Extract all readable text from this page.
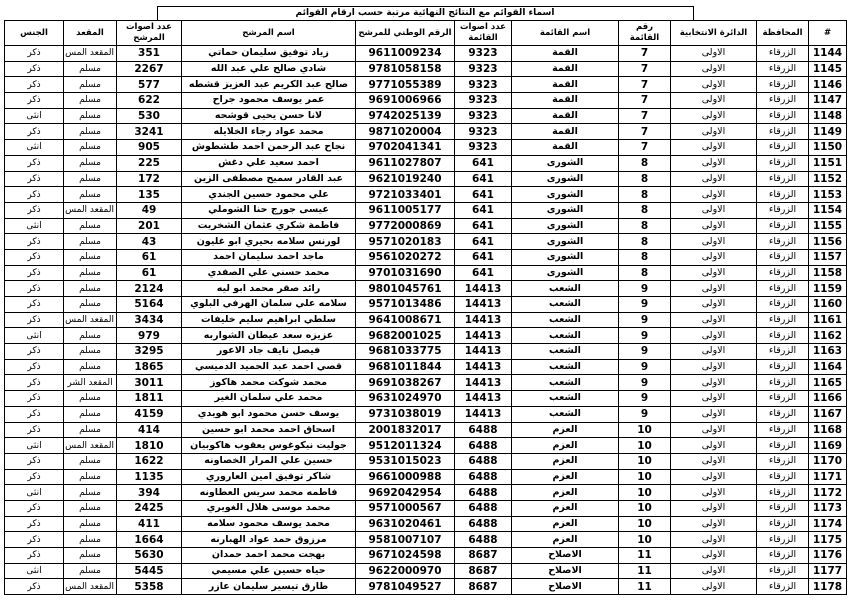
اسماء القوائم مع النتائج النهائية مرتبة حسب ارقام القوائم
#	المحافظة	الدائرة الانتخابية	رقم القائمة	اسم القائمة	عدد اصوات القائمة	الرقم الوطني للمرشح	اسم المرشح	عدد اصوات المرشح	المقعد	الجنس
1144	الزرقاء	الاولى	7	القمة	9323	9611009234	زياد توفيق سليمان حماتي	351	المقعد المس	ذكر
1145	الزرقاء	الاولى	7	القمة	9323	9781058158	شادي صالح علي عبد الله	2267	مسلم	ذكر
1146	الزرقاء	الاولى	7	القمة	9323	9771055389	صالح عبد الكريم عبد العزيز قشطه	577	مسلم	ذكر
1147	الزرقاء	الاولى	7	القمة	9323	9691006966	عمر يوسف محمود جراح	622	مسلم	ذكر
1148	الزرقاء	الاولى	7	القمة	9323	9742025139	لانا حسن يحيى قوشحه	530	مسلم	انثى
1149	الزرقاء	الاولى	7	القمة	9323	9871020004	محمد عواد رجاء الخلايله	3241	مسلم	ذكر
1150	الزرقاء	الاولى	7	القمة	9323	9702041341	نجاح عبد الرحمن احمد طشطوش	905	مسلم	انثى
1151	الزرقاء	الاولى	8	الشورى	641	9611027807	احمد سعيد علي دغش	225	مسلم	ذكر
1152	الزرقاء	الاولى	8	الشورى	641	9621019240	عبد القادر سميح مصطفى الزين	172	مسلم	ذكر
1153	الزرقاء	الاولى	8	الشورى	641	9721033401	علي محمود حسين الجندي	135	مسلم	ذكر
1154	الزرقاء	الاولى	8	الشورى	641	9611005177	عيسى جورج حنا الشوملي	49	المقعد المس	ذكر
1155	الزرقاء	الاولى	8	الشورى	641	9772000869	فاطمة شكري عثمان الشخريت	201	مسلم	انثى
1156	الزرقاء	الاولى	8	الشورى	641	9571020183	لورنس سلامه بحيري ابو غليون	43	مسلم	ذكر
1157	الزرقاء	الاولى	8	الشورى	641	9561020272	ماجد احمد سليمان احمد	61	مسلم	ذكر
1158	الزرقاء	الاولى	8	الشورى	641	9701031690	محمد حسني علي الصفدي	61	مسلم	ذكر
1159	الزرقاء	الاولى	9	الشعب	14413	9801045761	رائد صقر محمد ابو ليه	2124	مسلم	ذكر
1160	الزرقاء	الاولى	9	الشعب	14413	9571013486	سلامه علي سلمان الهرفي البلوي	5164	مسلم	ذكر
1161	الزرقاء	الاولى	9	الشعب	14413	9641008671	سلطي ابراهيم سليم خليفات	3434	المقعد المس	ذكر
1162	الزرقاء	الاولى	9	الشعب	14413	9682001025	عزيزه سعد عيطان الشواربه	979	مسلم	انثى
1163	الزرقاء	الاولى	9	الشعب	14413	9681033775	فيصل نايف جاد الاعور	3295	مسلم	ذكر
1164	الزرقاء	الاولى	9	الشعب	14413	9681011844	قصي احمد عبد الحميد الدميسي	1865	مسلم	ذكر
1165	الزرقاء	الاولى	9	الشعب	14413	9691038267	محمد شوكت محمد هاكوز	3011	المقعد الشر	ذكر
1166	الزرقاء	الاولى	9	الشعب	14413	9631024970	محمد علي سلمان الغير	1811	مسلم	ذكر
1167	الزرقاء	الاولى	9	الشعب	14413	9731038019	يوسف حسن محمود ابو هويدي	4159	مسلم	ذكر
1168	الزرقاء	الاولى	10	العزم	6488	2001832017	اسحاق احمد محمد ابو حسين	414	مسلم	ذكر
1169	الزرقاء	الاولى	10	العزم	6488	9512011324	جوليت نيكوغوس يعقوب هاكوبيان	1810	المقعد المس	انثى
1170	الزرقاء	الاولى	10	العزم	6488	9531015023	حسين علي المرار الخصاونه	1622	مسلم	ذكر
1171	الزرقاء	الاولى	10	العزم	6488	9661000988	شاكر توفيق امين العاروري	1135	مسلم	ذكر
1172	الزرقاء	الاولى	10	العزم	6488	9692042954	فاطمه محمد سريس العطاونه	394	مسلم	انثى
1173	الزرقاء	الاولى	10	العزم	6488	9571000567	محمد موسى هلال الغويري	2425	مسلم	ذكر
1174	الزرقاء	الاولى	10	العزم	6488	9631020461	محمد يوسف محمود سلامه	411	مسلم	ذكر
1175	الزرقاء	الاولى	10	العزم	6488	9581007107	مرزوق حمد عواد الهبارنه	1664	مسلم	ذكر
1176	الزرقاء	الاولى	11	الاصلاح	8687	9671024598	بهجت محمد احمد حمدان	5630	مسلم	ذكر
1177	الزرقاء	الاولى	11	الاصلاح	8687	9622000970	حياه حسين علي مسيمي	5445	مسلم	انثى
1178	الزرقاء	الاولى	11	الاصلاح	8687	9781049527	طارق تيسير سليمان عازر	5358	المقعد المس	ذكر
